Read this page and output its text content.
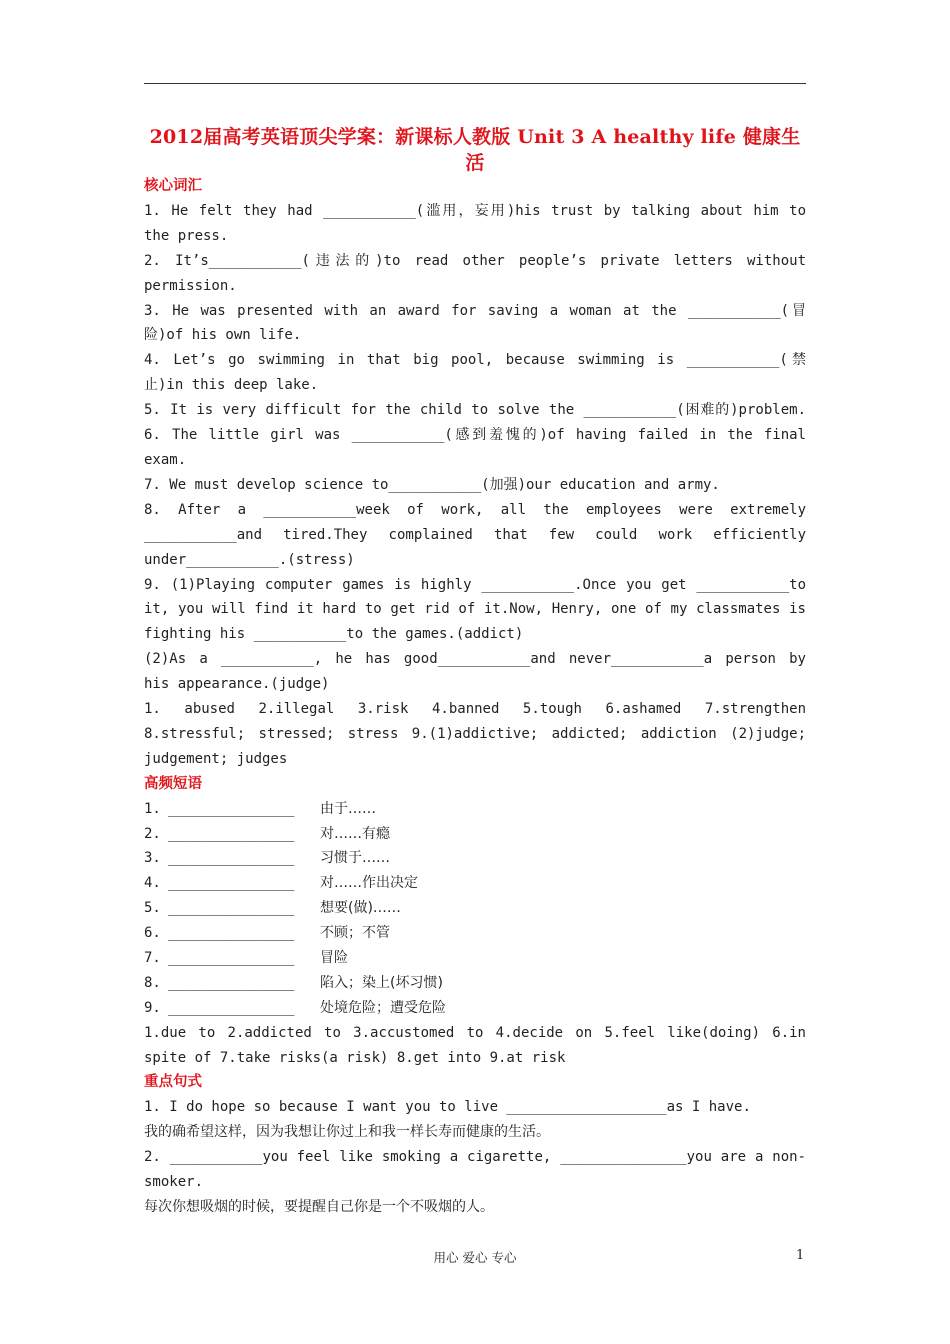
2012届高考英语顶尖学案：新课标人教版 Unit 3 A healthy life 健康生活
核心词汇
1. He felt they had ___________(滥用，妄用)his trust by talking about him to
the press.
2. It’s___________(违法的)to read other people’s private letters without
permission.
3. He was presented with an award for saving a woman at the ___________(冒
险)of his own life.
4. Let’s go swimming in that big pool, because swimming is ___________(禁
止)in this deep lake.
5. It is very difficult for the child to solve the ___________(困难的)problem.
6. The little girl was ___________(感到羞愧的)of having failed in the final
exam.
7. We must develop science to___________(加强)our education and army.
8. After a ___________week of work, all the employees were extremely
___________and tired.They complained that few could work efficiently
under___________.(stress)
9. (1)Playing computer games is highly ___________.Once you get ___________to
it, you will find it hard to get rid of it.Now, Henry, one of my classmates is
fighting his ___________to the games.(addict)
(2)As a ___________, he has good___________and never___________a person by
his appearance.(judge)
1. abused 2.illegal 3.risk 4.banned 5.tough 6.ashamed 7.strengthen
8.stressful; stressed; stress 9.(1)addictive; addicted; addiction (2)judge;
judgement; judges
高频短语
1. _______________	由于……
2. _______________	对……有瘾
3. _______________	习惯于……
4. _______________	对……作出决定
5. _______________	想要(做)……
6. _______________	不顾；不管
7. _______________	冒险
8. _______________	陷入；染上(坏习惯)
9. _______________	处境危险；遭受危险
1.due to 2.addicted to 3.accustomed to 4.decide on 5.feel like(doing) 6.in
spite of 7.take risks(a risk) 8.get into 9.at risk
重点句式
1. I do hope so because I want you to live ___________________as I have.
我的确希望这样，因为我想让你过上和我一样长寿而健康的生活。
2. ___________you feel like smoking a cigarette, _______________you are a non-
smoker.
每次你想吸烟的时候，要提醒自己你是一个不吸烟的人。
用心 爱心 专心	1
